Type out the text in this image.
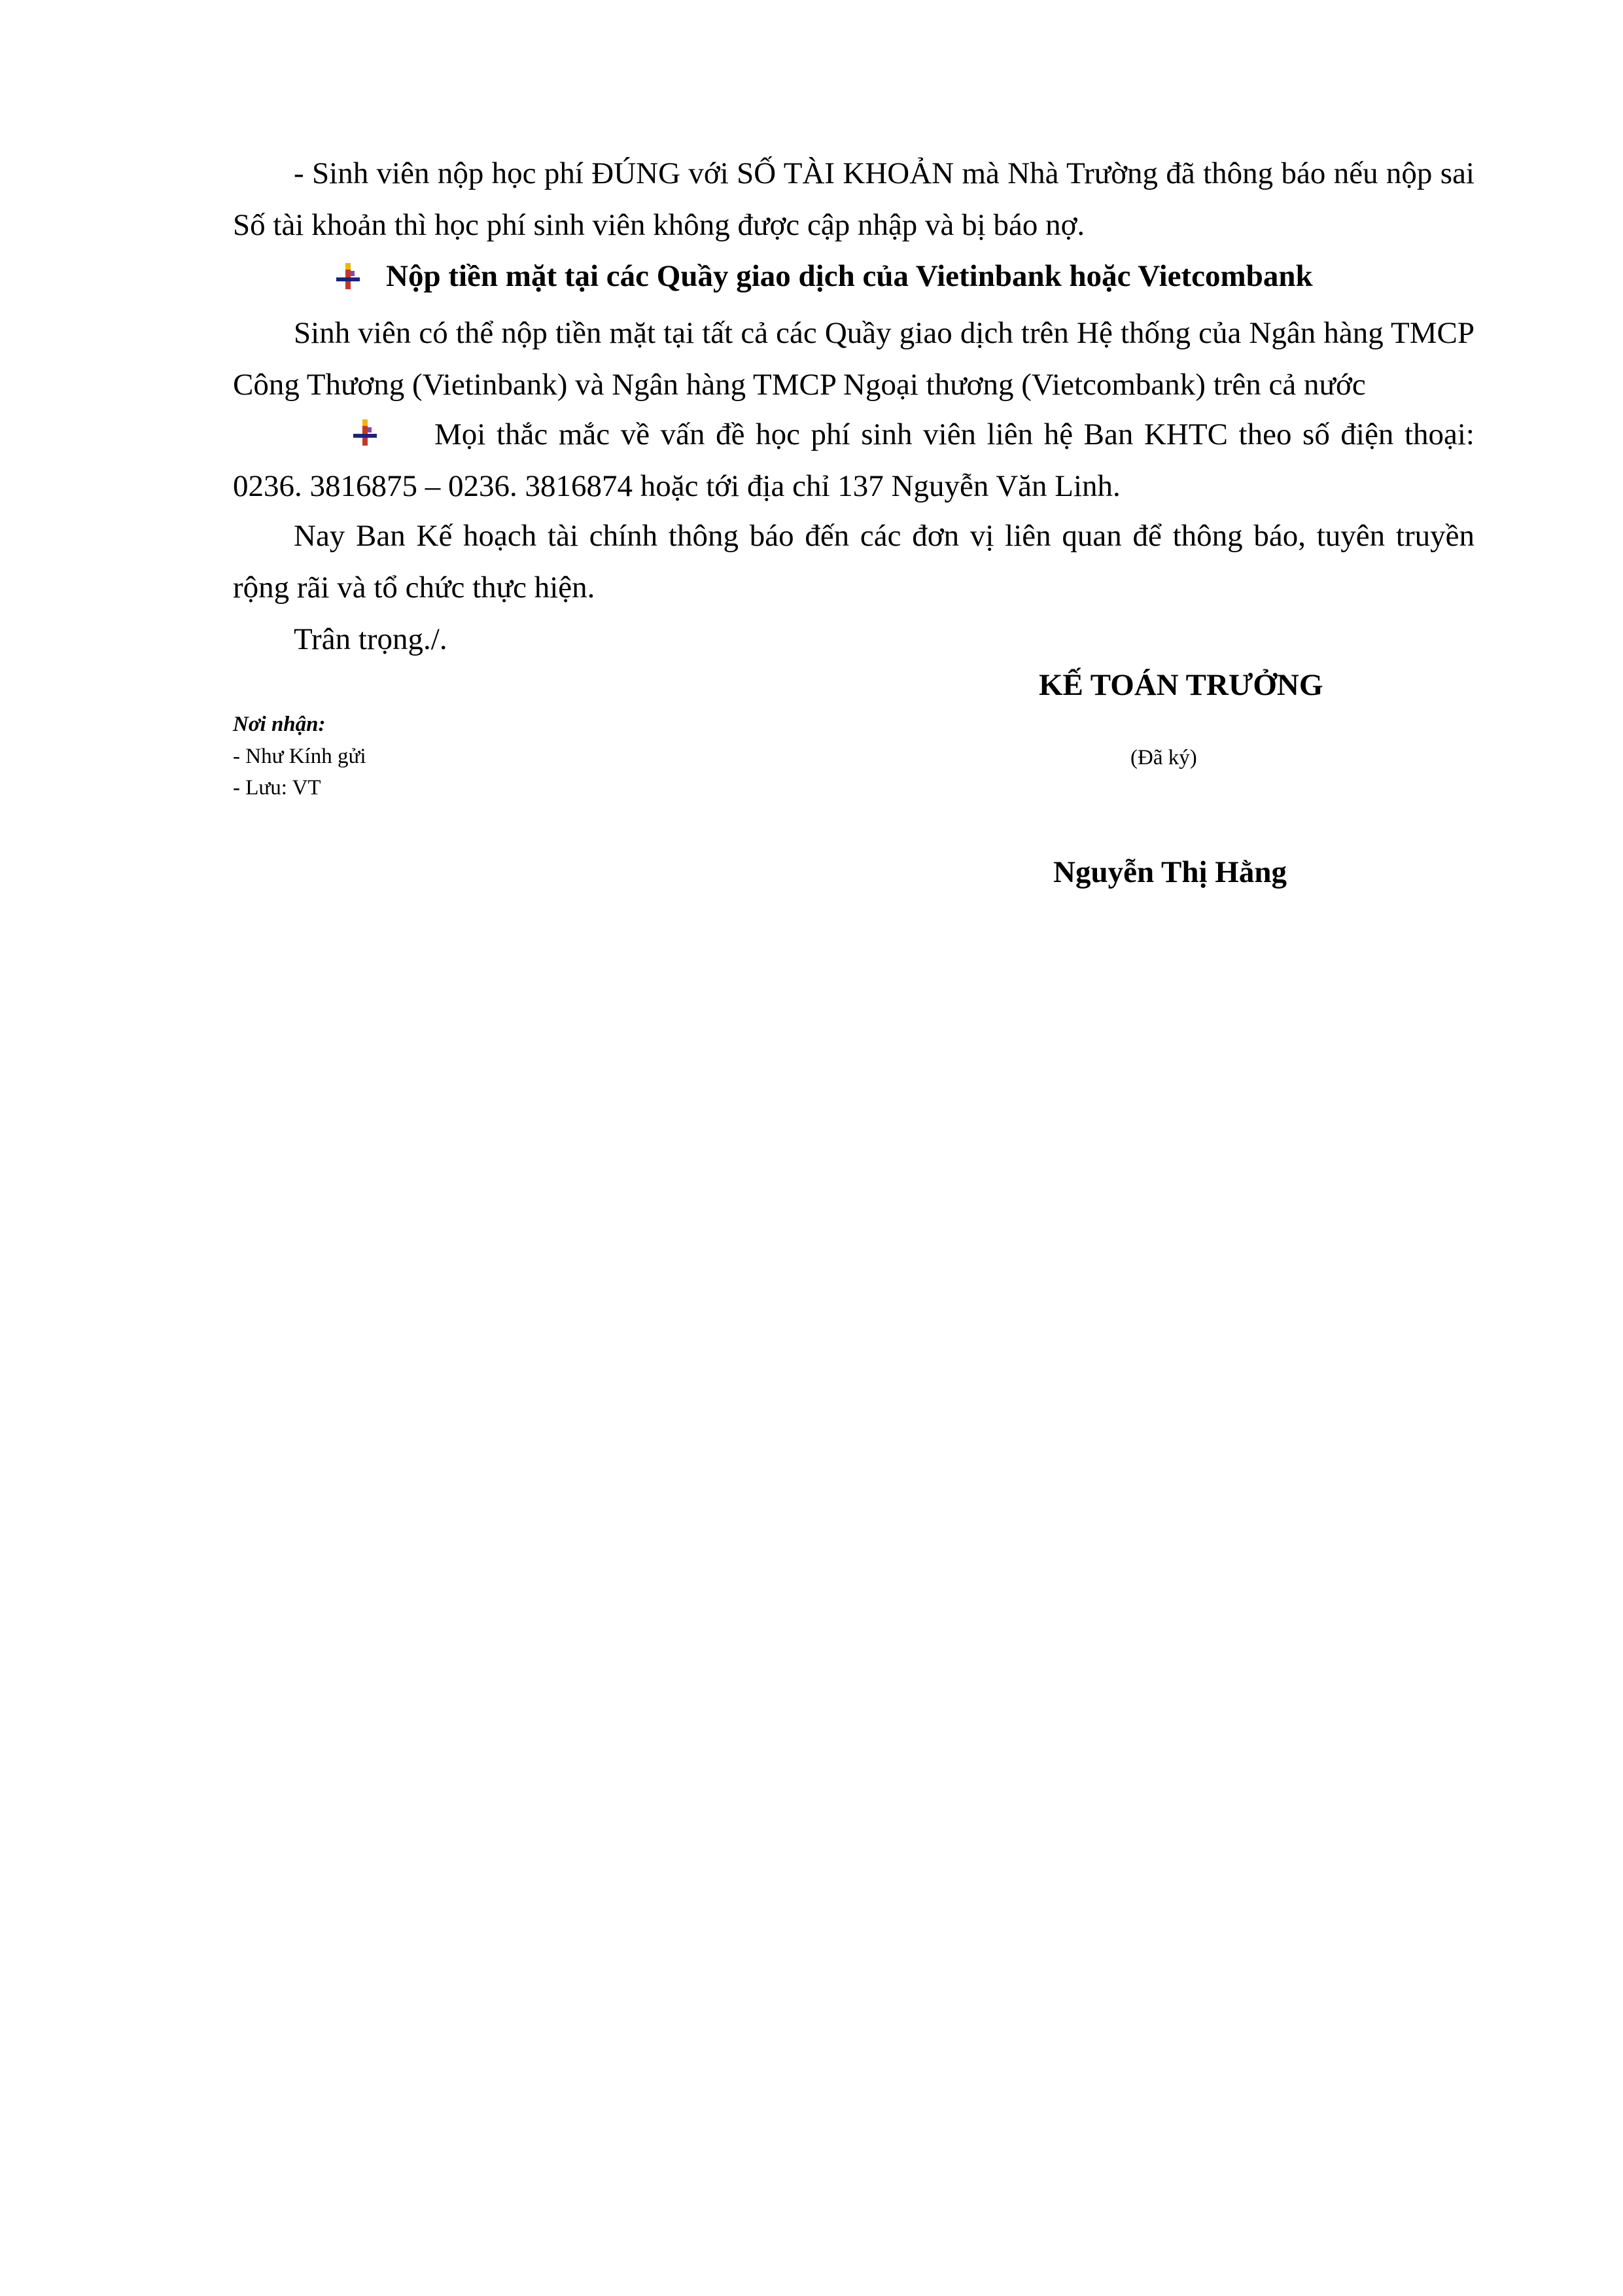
- Sinh viên nộp học phí ĐÚNG với SỐ TÀI KHOẢN mà Nhà Trường đã thông báo nếu nộp sai Số tài khoản thì học phí sinh viên không được cập nhập và bị báo nợ.

Nộp tiền mặt tại các Quầy giao dịch của Vietinbank hoặc Vietcombank

Sinh viên có thể nộp tiền mặt tại tất cả các Quầy giao dịch trên Hệ thống của Ngân hàng TMCP Công Thương (Vietinbank) và Ngân hàng TMCP Ngoại thương (Vietcombank) trên cả nước

Mọi thắc mắc về vấn đề học phí sinh viên liên hệ Ban KHTC theo số điện thoại: 0236. 3816875 – 0236. 3816874 hoặc tới địa chỉ 137 Nguyễn Văn Linh.

Nay Ban Kế hoạch tài chính thông báo đến các đơn vị liên quan để thông báo, tuyên truyền rộng rãi và tổ chức thực hiện.

Trân trọng./.

KẾ TOÁN TRƯỞNG
Nơi nhận:
- Như Kính gửi
- Lưu: VT
(Đã ký)
Nguyễn Thị Hằng
